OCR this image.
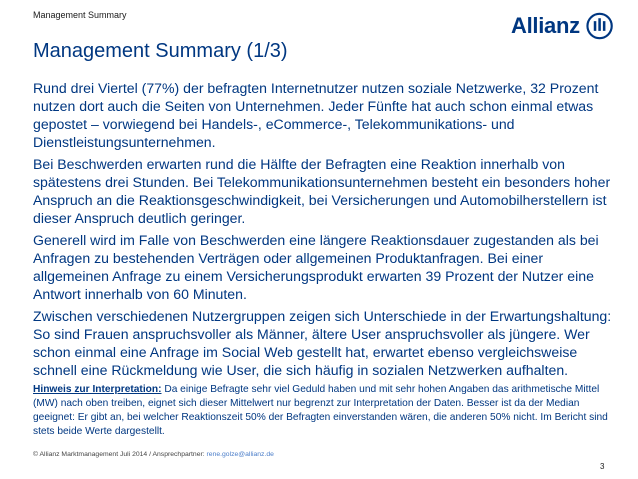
Management Summary	Allianz
Management Summary (1/3)

Rund drei Viertel (77%) der befragten Internetnutzer nutzen soziale Netzwerke, 32 Prozent nutzen dort auch die Seiten von Unternehmen. Jeder Fünfte hat auch schon einmal etwas gepostet – vorwiegend bei Handels-, eCommerce-, Telekommunikations- und Dienstleistungsunternehmen.

Bei Beschwerden erwarten rund die Hälfte der Befragten eine Reaktion innerhalb von spätestens drei Stunden. Bei Telekommunikationsunternehmen besteht ein besonders hoher Anspruch an die Reaktionsgeschwindigkeit, bei Versicherungen und Automobilherstellern ist dieser Anspruch deutlich geringer.

Generell wird im Falle von Beschwerden eine längere Reaktionsdauer zugestanden als bei Anfragen zu bestehenden Verträgen oder allgemeinen Produktanfragen. Bei einer allgemeinen Anfrage zu einem Versicherungsprodukt erwarten 39 Prozent der Nutzer eine Antwort innerhalb von 60 Minuten.

Zwischen verschiedenen Nutzergruppen zeigen sich Unterschiede in der Erwartungshaltung: So sind Frauen anspruchsvoller als Männer, ältere User anspruchsvoller als jüngere. Wer schon einmal eine Anfrage im Social Web gestellt hat, erwartet ebenso vergleichsweise schnell eine Rückmeldung wie User, die sich häufig in sozialen Netzwerken aufhalten.

Hinweis zur Interpretation: Da einige Befragte sehr viel Geduld haben und mit sehr hohen Angaben das arithmetische Mittel (MW) nach oben treiben, eignet sich dieser Mittelwert nur begrenzt zur Interpretation der Daten. Besser ist da der Median geeignet: Er gibt an, bei welcher Reaktionszeit 50% der Befragten einverstanden wären, die anderen 50% nicht. Im Bericht sind stets beide Werte dargestellt.
© Allianz Marktmanagement Juli 2014 / Ansprechpartner: rene.golze@allianz.de
3
